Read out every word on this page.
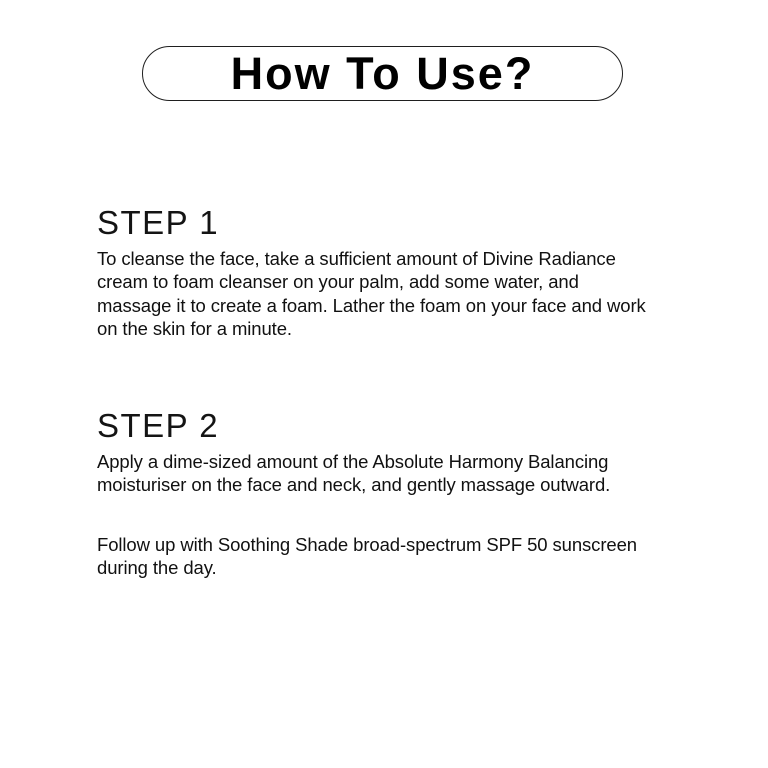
How To Use?
STEP 1

To cleanse the face, take a sufficient amount of Divine Radiance
cream to foam cleanser on your palm, add some water, and
massage it to create a foam. Lather the foam on your face and work
on the skin for a minute.

STEP 2

Apply a dime-sized amount of the Absolute Harmony Balancing
moisturiser on the face and neck, and gently massage outward.

Follow up with Soothing Shade broad-spectrum SPF 50 sunscreen
during the day.
